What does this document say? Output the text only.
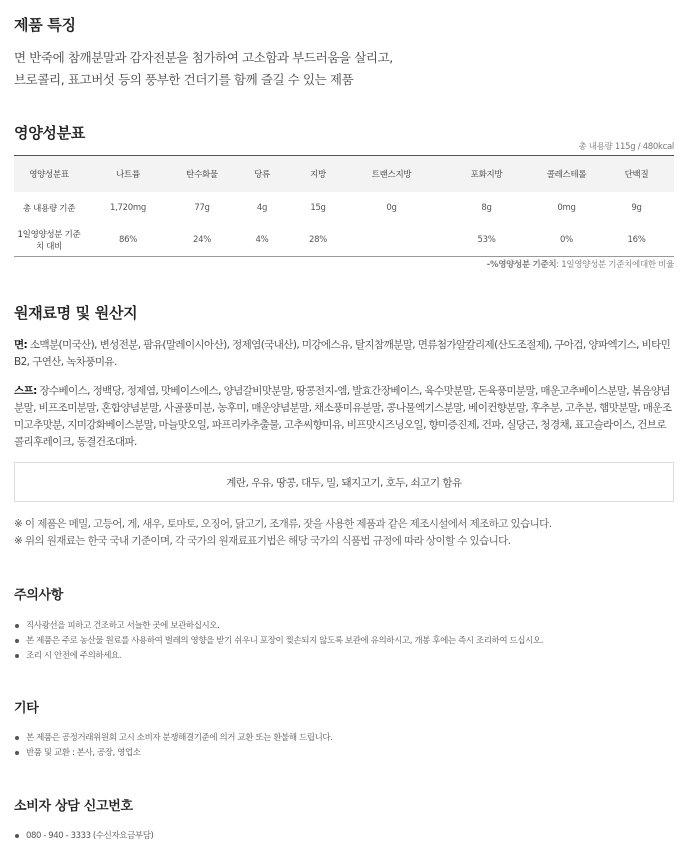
제품 특징
면 반죽에 참깨분말과 감자전분을 첨가하여 고소함과 부드러움을 살리고,
브로콜리, 표고버섯 등의 풍부한 건더기를 함께 즐길 수 있는 제품
영양성분표
총 내용량 115g / 480kcal
영양성분표	나트륨	탄수화물	당류	지방	트랜스지방	포화지방	콜레스테롤	단백질
총 내용량 기준	1,720mg	77g	4g	15g	0g	8g	0mg	9g
1일영양성분 기준치 대비	86%	24%	4%	28%		53%	0%	16%
-%영양성분 기준치: 1일영양성분 기준치에대한 비율
원재료명 및 원산지
면: 소맥분(미국산), 변성전분, 팜유(말레이시아산), 정제염(국내산), 미강에스유, 탈지참깨분말, 면류첨가알칼리제(산도조절제), 구아검, 양파엑기스, 비타민B2, 구연산, 녹차풍미유.
스프: 장수베이스, 정백당, 정제염, 맛베이스에스, 양념갈비맛분말, 땅콩전지-엠, 발효간장베이스, 육수맛분말, 돈육풍미분말, 매운고추베이스분말, 볶음양념분말, 비프조미분말, 혼합양념분말, 사골풍미분, 농후미, 매운양념분말, 채소풍미유분말, 콩나물엑기스분말, 베이컨향분말, 후추분, 고추분, 햄맛분말, 매운조미고추맛분, 지미강화베이스분말, 마늘맛오일, 파프리카추출물, 고추씨향미유, 비프맛시즈닝오일, 향미증진제, 건파, 실당근, 청경채, 표고슬라이스, 건브로콜리후레이크, 동결건조대파.
계란, 우유, 땅콩, 대두, 밀, 돼지고기, 호두, 쇠고기 함유
※ 이 제품은 메밀, 고등어, 게, 새우, 토마토, 오징어, 닭고기, 조개류, 잣을 사용한 제품과 같은 제조시설에서 제조하고 있습니다.
※ 위의 원재료는 한국 국내 기준이며, 각 국가의 원재료표기법은 해당 국가의 식품법 규정에 따라 상이할 수 있습니다.
주의사항
직사광선을 피하고 건조하고 서늘한 곳에 보관하십시오.
본 제품은 주로 농산물 원료를 사용하여 벌레의 영향을 받기 쉬우니 포장이 찢손되지 않도록 보관에 유의하시고, 개봉 후에는 즉시 조리하여 드십시오.
조리 시 안전에 주의하세요.
기타
본 제품은 공정거래위원회 고시 소비자 분쟁해결기준에 의거 교환 또는 환불해 드립니다.
반품 및 교환 : 본사, 공장, 영업소
소비자 상담 신고번호
080 - 940 - 3333 (수신자요금부담)
